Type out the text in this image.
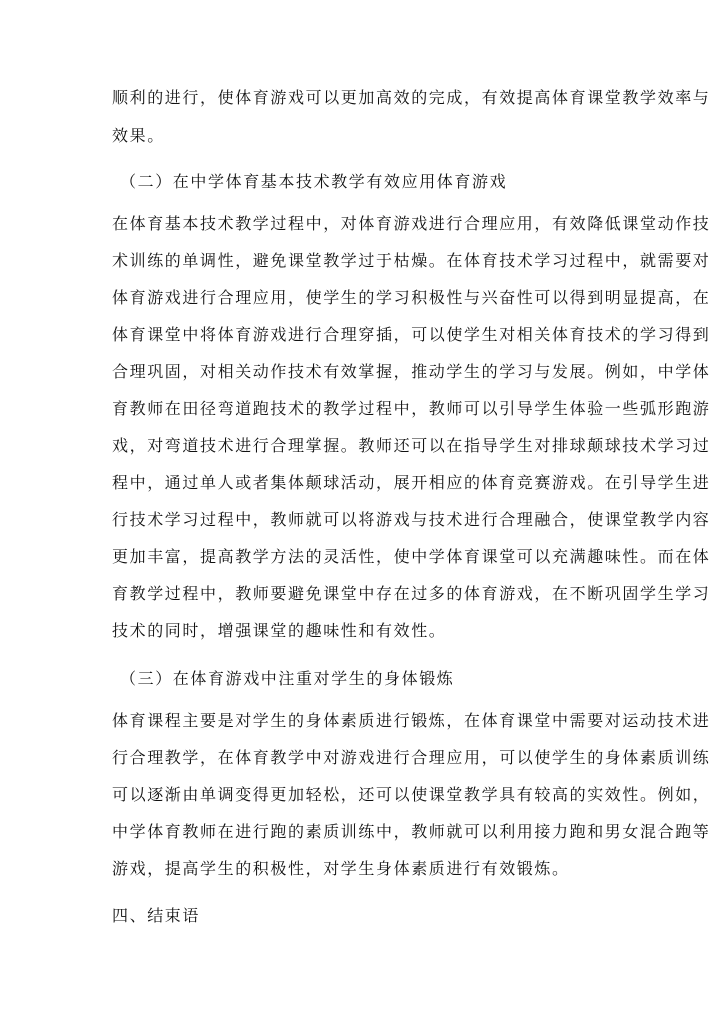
顺利的进行，使体育游戏可以更加高效的完成，有效提高体育课堂教学效率与
效果。
（二）在中学体育基本技术教学有效应用体育游戏
在体育基本技术教学过程中，对体育游戏进行合理应用，有效降低课堂动作技
术训练的单调性，避免课堂教学过于枯燥。在体育技术学习过程中，就需要对
体育游戏进行合理应用，使学生的学习积极性与兴奋性可以得到明显提高，在
体育课堂中将体育游戏进行合理穿插，可以使学生对相关体育技术的学习得到
合理巩固，对相关动作技术有效掌握，推动学生的学习与发展。例如，中学体
育教师在田径弯道跑技术的教学过程中，教师可以引导学生体验一些弧形跑游
戏，对弯道技术进行合理掌握。教师还可以在指导学生对排球颠球技术学习过
程中，通过单人或者集体颠球活动，展开相应的体育竞赛游戏。在引导学生进
行技术学习过程中，教师就可以将游戏与技术进行合理融合，使课堂教学内容
更加丰富，提高教学方法的灵活性，使中学体育课堂可以充满趣味性。而在体
育教学过程中，教师要避免课堂中存在过多的体育游戏，在不断巩固学生学习
技术的同时，增强课堂的趣味性和有效性。
（三）在体育游戏中注重对学生的身体锻炼
体育课程主要是对学生的身体素质进行锻炼，在体育课堂中需要对运动技术进
行合理教学，在体育教学中对游戏进行合理应用，可以使学生的身体素质训练
可以逐渐由单调变得更加轻松，还可以使课堂教学具有较高的实效性。例如，
中学体育教师在进行跑的素质训练中，教师就可以利用接力跑和男女混合跑等
游戏，提高学生的积极性，对学生身体素质进行有效锻炼。
四、结束语
